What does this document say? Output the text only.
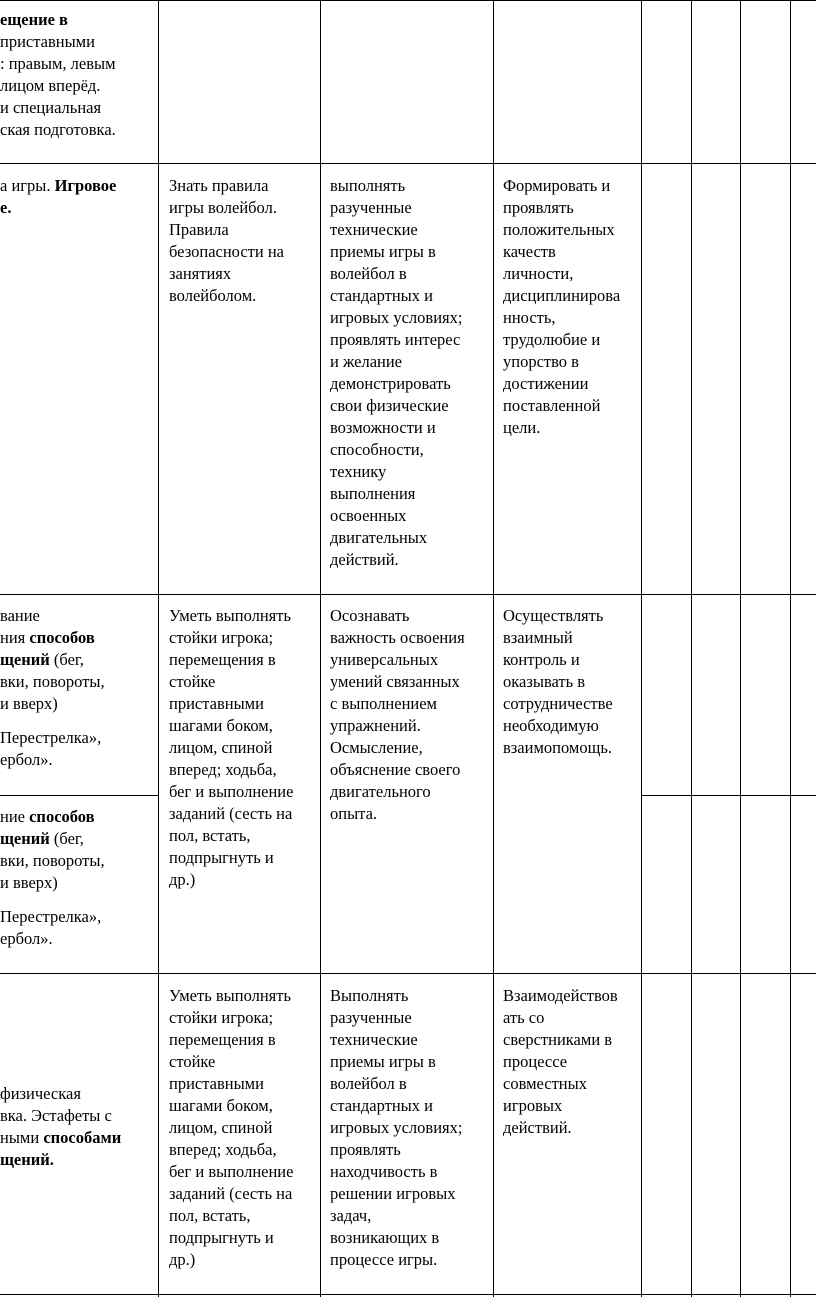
ещение в

приставными

: правым, левым

лицом вперёд.

и специальная

ская подготовка.

а игры. Игровое

е.

Знать правила

игры волейбол.

Правила

безопасности на

занятиях

волейболом.

выполнять

разученные

технические

приемы игры в

волейбол в

стандартных и

игровых условиях;

проявлять интерес

и желание

демонстрировать

свои физические

возможности и

способности,

технику

выполнения

освоенных

двигательных

действий.

Формировать и

проявлять

положительных

качеств

личности,

дисциплинирова

нность,

трудолюбие и

упорство в

достижении

поставленной

цели.

вание

ния способов

щений (бег,

вки, повороты,

и вверх)

Перестрелка»,

ербол».

Уметь выполнять

стойки игрока;

перемещения в

стойке

приставными

шагами боком,

лицом, спиной

вперед; ходьба,

бег и выполнение

заданий (сесть на

пол, встать,

подпрыгнуть и

др.)

Осознавать

важность освоения

универсальных

умений связанных

с выполнением

упражнений.

Осмысление,

объяснение своего

двигательного

опыта.

Осуществлять

взаимный

контроль и

оказывать в

сотрудничестве

необходимую

взаимопомощь.

ние способов

щений (бег,

вки, повороты,

и вверх)

Перестрелка»,

ербол».

физическая

вка. Эстафеты с

ными способами

щений.

Уметь выполнять

стойки игрока;

перемещения в

стойке

приставными

шагами боком,

лицом, спиной

вперед; ходьба,

бег и выполнение

заданий (сесть на

пол, встать,

подпрыгнуть и

др.)

Выполнять

разученные

технические

приемы игры в

волейбол в

стандартных и

игровых условиях;

проявлять

находчивость в

решении игровых

задач,

возникающих в

процессе игры.

Взаимодействов

ать со

сверстниками в

процессе

совместных

игровых

действий.
